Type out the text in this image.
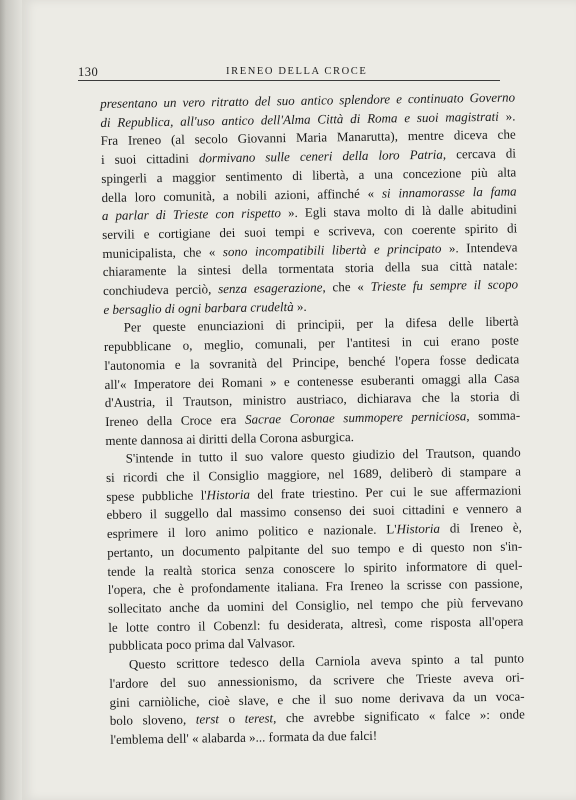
130	IRENEO DELLA CROCE
presentano un vero ritratto del suo antico splendore e continuato Governo
di Republica, all'uso antico dell'Alma Città di Roma e suoi magistrati ».
Fra Ireneo (al secolo Giovanni Maria Manarutta), mentre diceva che
i suoi cittadini dormivano sulle ceneri della loro Patria, cercava di
spingerli a maggior sentimento di libertà, a una concezione più alta
della loro comunità, a nobili azioni, affinché « si innamorasse la fama
a parlar di Trieste con rispetto ». Egli stava molto di là dalle abitudini
servili e cortigiane dei suoi tempi e scriveva, con coerente spirito di
municipalista, che « sono incompatibili libertà e principato ». Intendeva
chiaramente la sintesi della tormentata storia della sua città natale:
conchiudeva perciò, senza esagerazione, che « Trieste fu sempre il scopo
e bersaglio di ogni barbara crudeltà ».
Per queste enunciazioni di principii, per la difesa delle libertà
repubblicane o, meglio, comunali, per l'antitesi in cui erano poste
l'autonomia e la sovranità del Principe, benché l'opera fosse dedicata
all'« Imperatore dei Romani » e contenesse esuberanti omaggi alla Casa
d'Austria, il Trautson, ministro austriaco, dichiarava che la storia di
Ireneo della Croce era Sacrae Coronae summopere perniciosa, somma-
mente dannosa ai diritti della Corona asburgica.
S'intende in tutto il suo valore questo giudizio del Trautson, quando
si ricordi che il Consiglio maggiore, nel 1689, deliberò di stampare a
spese pubbliche l'Historia del frate triestino. Per cui le sue affermazioni
ebbero il suggello dal massimo consenso dei suoi cittadini e vennero a
esprimere il loro animo politico e nazionale. L'Historia di Ireneo è,
pertanto, un documento palpitante del suo tempo e di questo non s'in-
tende la realtà storica senza conoscere lo spirito informatore di quel-
l'opera, che è profondamente italiana. Fra Ireneo la scrisse con passione,
sollecitato anche da uomini del Consiglio, nel tempo che più fervevano
le lotte contro il Cobenzl: fu desiderata, altresì, come risposta all'opera
pubblicata poco prima dal Valvasor.
Questo scrittore tedesco della Carniola aveva spinto a tal punto
l'ardore del suo annessionismo, da scrivere che Trieste aveva ori-
gini carniòliche, cioè slave, e che il suo nome derivava da un voca-
bolo sloveno, terst o terest, che avrebbe significato « falce »: onde
l'emblema dell' « alabarda »... formata da due falci!
